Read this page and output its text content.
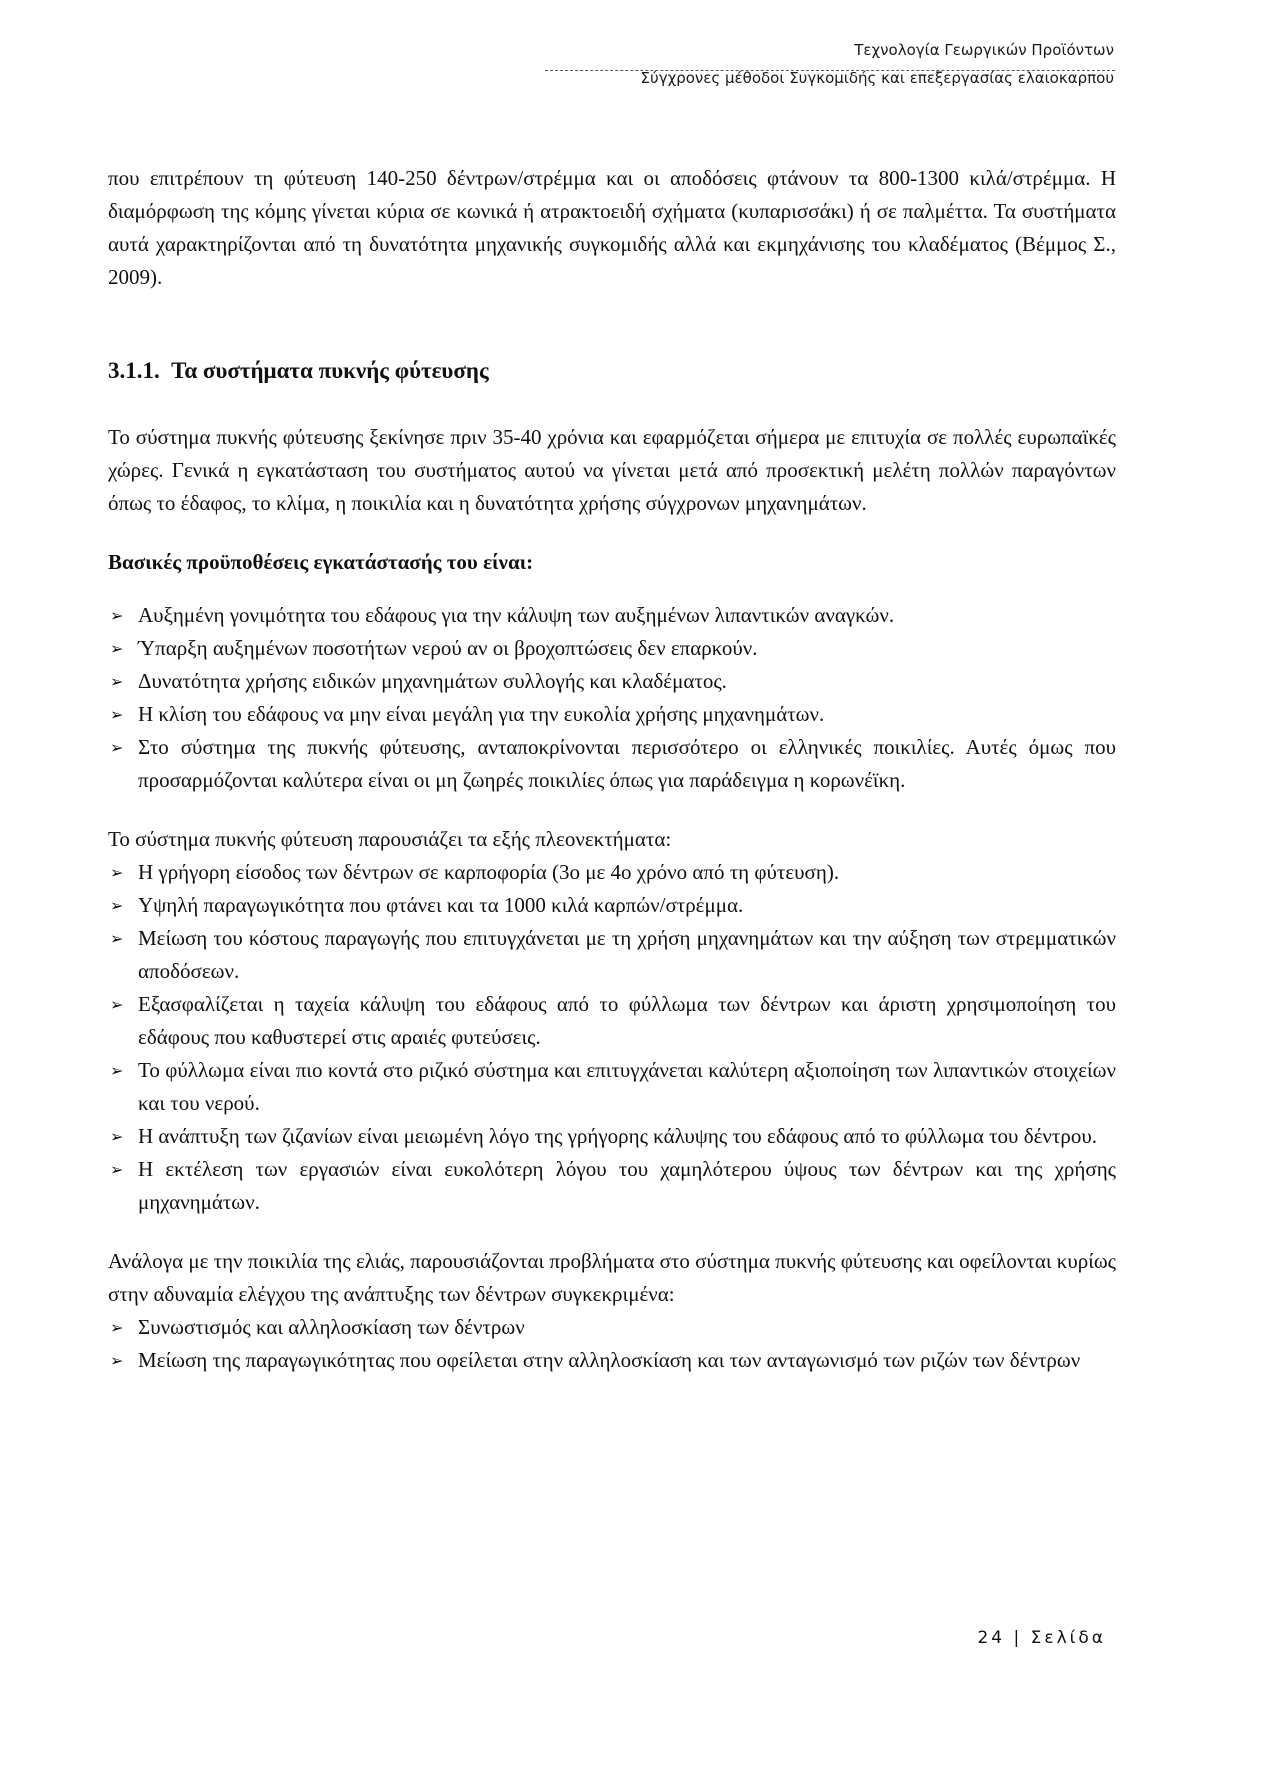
Τεχνολογία Γεωργικών Προϊόντων
Σύγχρονες μέθοδοι Συγκομιδής και επεξεργασίας ελαιοκαρπου

που επιτρέπουν τη φύτευση 140-250 δέντρων/στρέμμα και οι αποδόσεις φτάνουν τα 800-1300 κιλά/στρέμμα. Η διαμόρφωση της κόμης γίνεται κύρια σε κωνικά ή ατρακτοειδή σχήματα (κυπαρισσάκι) ή σε παλμέττα. Τα συστήματα αυτά χαρακτηρίζονται από τη δυνατότητα μηχανικής συγκομιδής αλλά και εκμηχάνισης του κλαδέματος (Βέμμος Σ., 2009).

3.1.1. Τα συστήματα πυκνής φύτευσης

Το σύστημα πυκνής φύτευσης ξεκίνησε πριν 35-40 χρόνια και εφαρμόζεται σήμερα με επιτυχία σε πολλές ευρωπαϊκές χώρες. Γενικά η εγκατάσταση του συστήματος αυτού να γίνεται μετά από προσεκτική μελέτη πολλών παραγόντων όπως το έδαφος, το κλίμα, η ποικιλία και η δυνατότητα χρήσης σύγχρονων μηχανημάτων.

Βασικές προϋποθέσεις εγκατάστασής του είναι:
➢ Αυξημένη γονιμότητα του εδάφους για την κάλυψη των αυξημένων λιπαντικών αναγκών.
➢ Ύπαρξη αυξημένων ποσοτήτων νερού αν οι βροχοπτώσεις δεν επαρκούν.
➢ Δυνατότητα χρήσης ειδικών μηχανημάτων συλλογής και κλαδέματος.
➢ Η κλίση του εδάφους να μην είναι μεγάλη για την ευκολία χρήσης μηχανημάτων.
➢ Στο σύστημα της πυκνής φύτευσης, ανταποκρίνονται περισσότερο οι ελληνικές ποικιλίες. Αυτές όμως που προσαρμόζονται καλύτερα είναι οι μη ζωηρές ποικιλίες όπως για παράδειγμα η κορωνέϊκη.

Το σύστημα πυκνής φύτευση παρουσιάζει τα εξής πλεονεκτήματα:

➢ Η γρήγορη είσοδος των δέντρων σε καρποφορία (3ο με 4ο χρόνο από τη φύτευση).
➢ Υψηλή παραγωγικότητα που φτάνει και τα 1000 κιλά καρπών/στρέμμα.
➢ Μείωση του κόστους παραγωγής που επιτυγχάνεται με τη χρήση μηχανημάτων και την αύξηση των στρεμματικών αποδόσεων.
➢ Εξασφαλίζεται η ταχεία κάλυψη του εδάφους από το φύλλωμα των δέντρων και άριστη χρησιμοποίηση του εδάφους που καθυστερεί στις αραιές φυτεύσεις.
➢ Το φύλλωμα είναι πιο κοντά στο ριζικό σύστημα και επιτυγχάνεται καλύτερη αξιοποίηση των λιπαντικών στοιχείων και του νερού.
➢ Η ανάπτυξη των ζιζανίων είναι μειωμένη λόγο της γρήγορης κάλυψης του εδάφους από το φύλλωμα του δέντρου.
➢ Η εκτέλεση των εργασιών είναι ευκολότερη λόγου του χαμηλότερου ύψους των δέντρων και της χρήσης μηχανημάτων.

Ανάλογα με την ποικιλία της ελιάς, παρουσιάζονται προβλήματα στο σύστημα πυκνής φύτευσης και οφείλονται κυρίως στην αδυναμία ελέγχου της ανάπτυξης των δέντρων συγκεκριμένα:

➢ Συνωστισμός και αλληλοσκίαση των δέντρων
➢ Μείωση της παραγωγικότητας που οφείλεται στην αλληλοσκίαση και των ανταγωνισμό των ριζών των δέντρων
24 | Σελίδα
